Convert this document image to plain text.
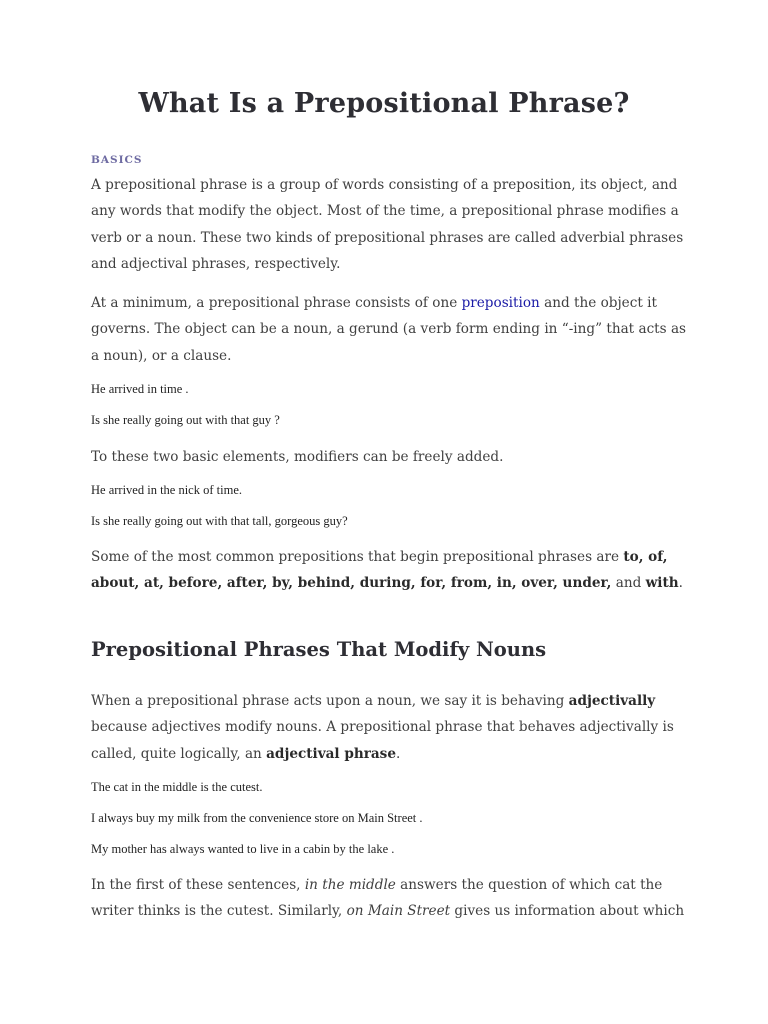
What Is a Prepositional Phrase?
BASICS

A prepositional phrase is a group of words consisting of a preposition, its object, and any words that modify the object. Most of the time, a prepositional phrase modifies a verb or a noun. These two kinds of prepositional phrases are called adverbial phrases and adjectival phrases, respectively.

At a minimum, a prepositional phrase consists of one preposition and the object it governs. The object can be a noun, a gerund (a verb form ending in “-ing” that acts as a noun), or a clause.

He arrived in time .
Is she really going out with that guy ?

To these two basic elements, modifiers can be freely added.

He arrived in the nick of time.
Is she really going out with that tall, gorgeous guy?

Some of the most common prepositions that begin prepositional phrases are to, of, about, at, before, after, by, behind, during, for, from, in, over, under, and with.

Prepositional Phrases That Modify Nouns

When a prepositional phrase acts upon a noun, we say it is behaving adjectivally because adjectives modify nouns. A prepositional phrase that behaves adjectivally is called, quite logically, an adjectival phrase.

The cat in the middle is the cutest.
I always buy my milk from the convenience store on Main Street .
My mother has always wanted to live in a cabin by the lake .

In the first of these sentences, in the middle answers the question of which cat the writer thinks is the cutest. Similarly, on Main Street gives us information about which
